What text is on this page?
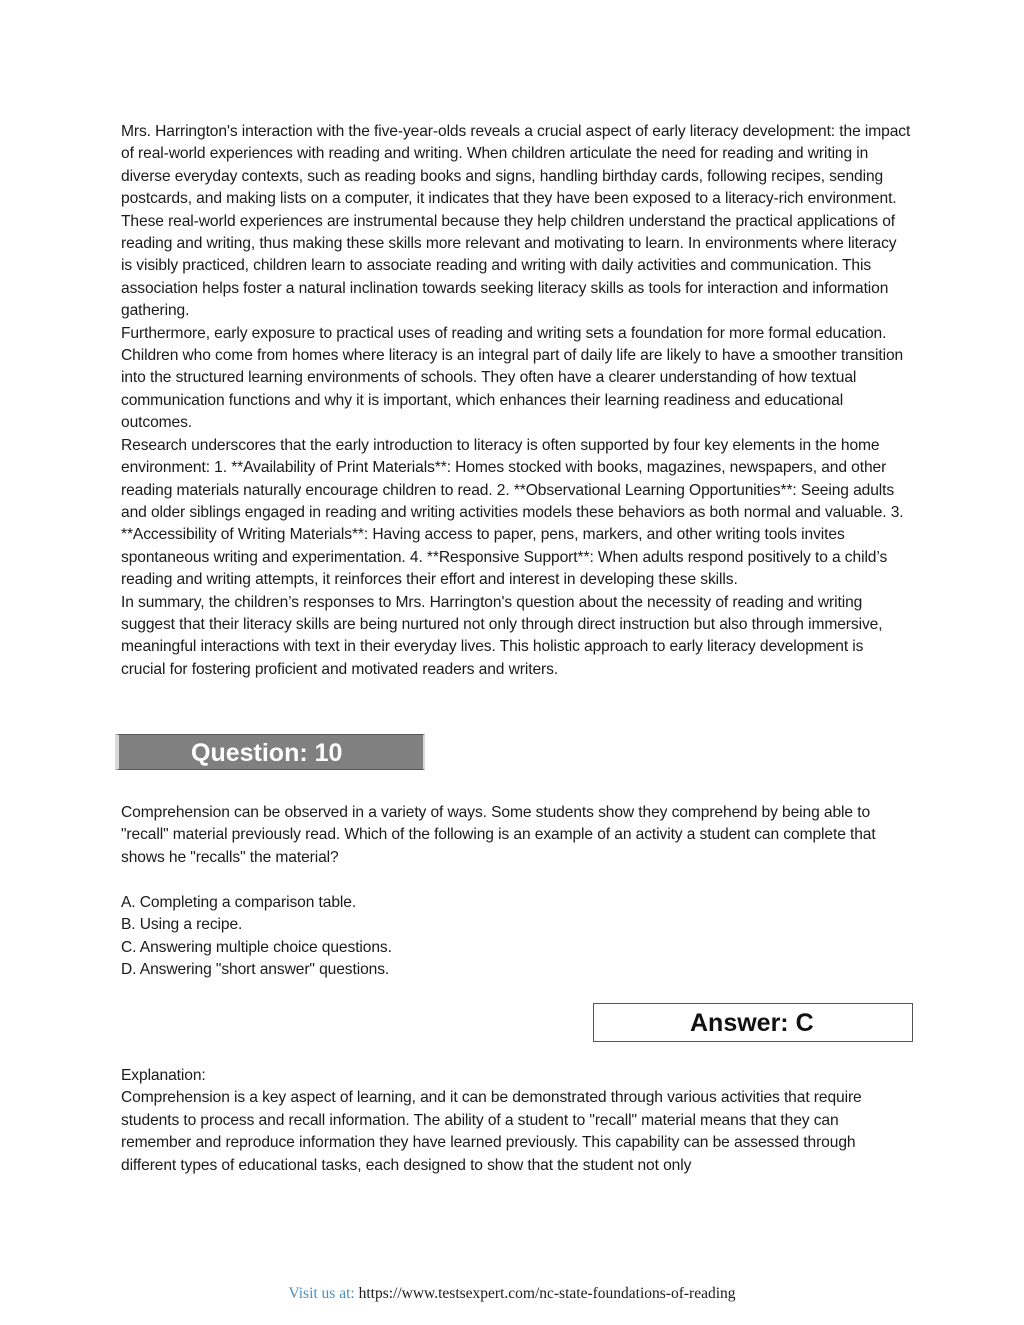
Mrs. Harrington's interaction with the five-year-olds reveals a crucial aspect of early literacy development: the impact of real-world experiences with reading and writing. When children articulate the need for reading and writing in diverse everyday contexts, such as reading books and signs, handling birthday cards, following recipes, sending postcards, and making lists on a computer, it indicates that they have been exposed to a literacy-rich environment.

These real-world experiences are instrumental because they help children understand the practical applications of reading and writing, thus making these skills more relevant and motivating to learn. In environments where literacy is visibly practiced, children learn to associate reading and writing with daily activities and communication. This association helps foster a natural inclination towards seeking literacy skills as tools for interaction and information gathering.

Furthermore, early exposure to practical uses of reading and writing sets a foundation for more formal education. Children who come from homes where literacy is an integral part of daily life are likely to have a smoother transition into the structured learning environments of schools. They often have a clearer understanding of how textual communication functions and why it is important, which enhances their learning readiness and educational outcomes.

Research underscores that the early introduction to literacy is often supported by four key elements in the home environment: 1. **Availability of Print Materials**: Homes stocked with books, magazines, newspapers, and other reading materials naturally encourage children to read. 2. **Observational Learning Opportunities**: Seeing adults and older siblings engaged in reading and writing activities models these behaviors as both normal and valuable. 3. **Accessibility of Writing Materials**: Having access to paper, pens, markers, and other writing tools invites spontaneous writing and experimentation. 4. **Responsive Support**: When adults respond positively to a child’s reading and writing attempts, it reinforces their effort and interest in developing these skills.

In summary, the children’s responses to Mrs. Harrington's question about the necessity of reading and writing suggest that their literacy skills are being nurtured not only through direct instruction but also through immersive, meaningful interactions with text in their everyday lives. This holistic approach to early literacy development is crucial for fostering proficient and motivated readers and writers.

Question: 10

Comprehension can be observed in a variety of ways. Some students show they comprehend by being able to "recall" material previously read. Which of the following is an example of an activity a student can complete that shows he "recalls" the material?

A. Completing a comparison table.

B. Using a recipe.

C. Answering multiple choice questions.

D. Answering "short answer" questions.

Answer: C

Explanation:

Comprehension is a key aspect of learning, and it can be demonstrated through various activities that require students to process and recall information. The ability of a student to "recall" material means that they can remember and reproduce information they have learned previously. This capability can be assessed through different types of educational tasks, each designed to show that the student not only

Visit us at: https://www.testsexpert.com/nc-state-foundations-of-reading
